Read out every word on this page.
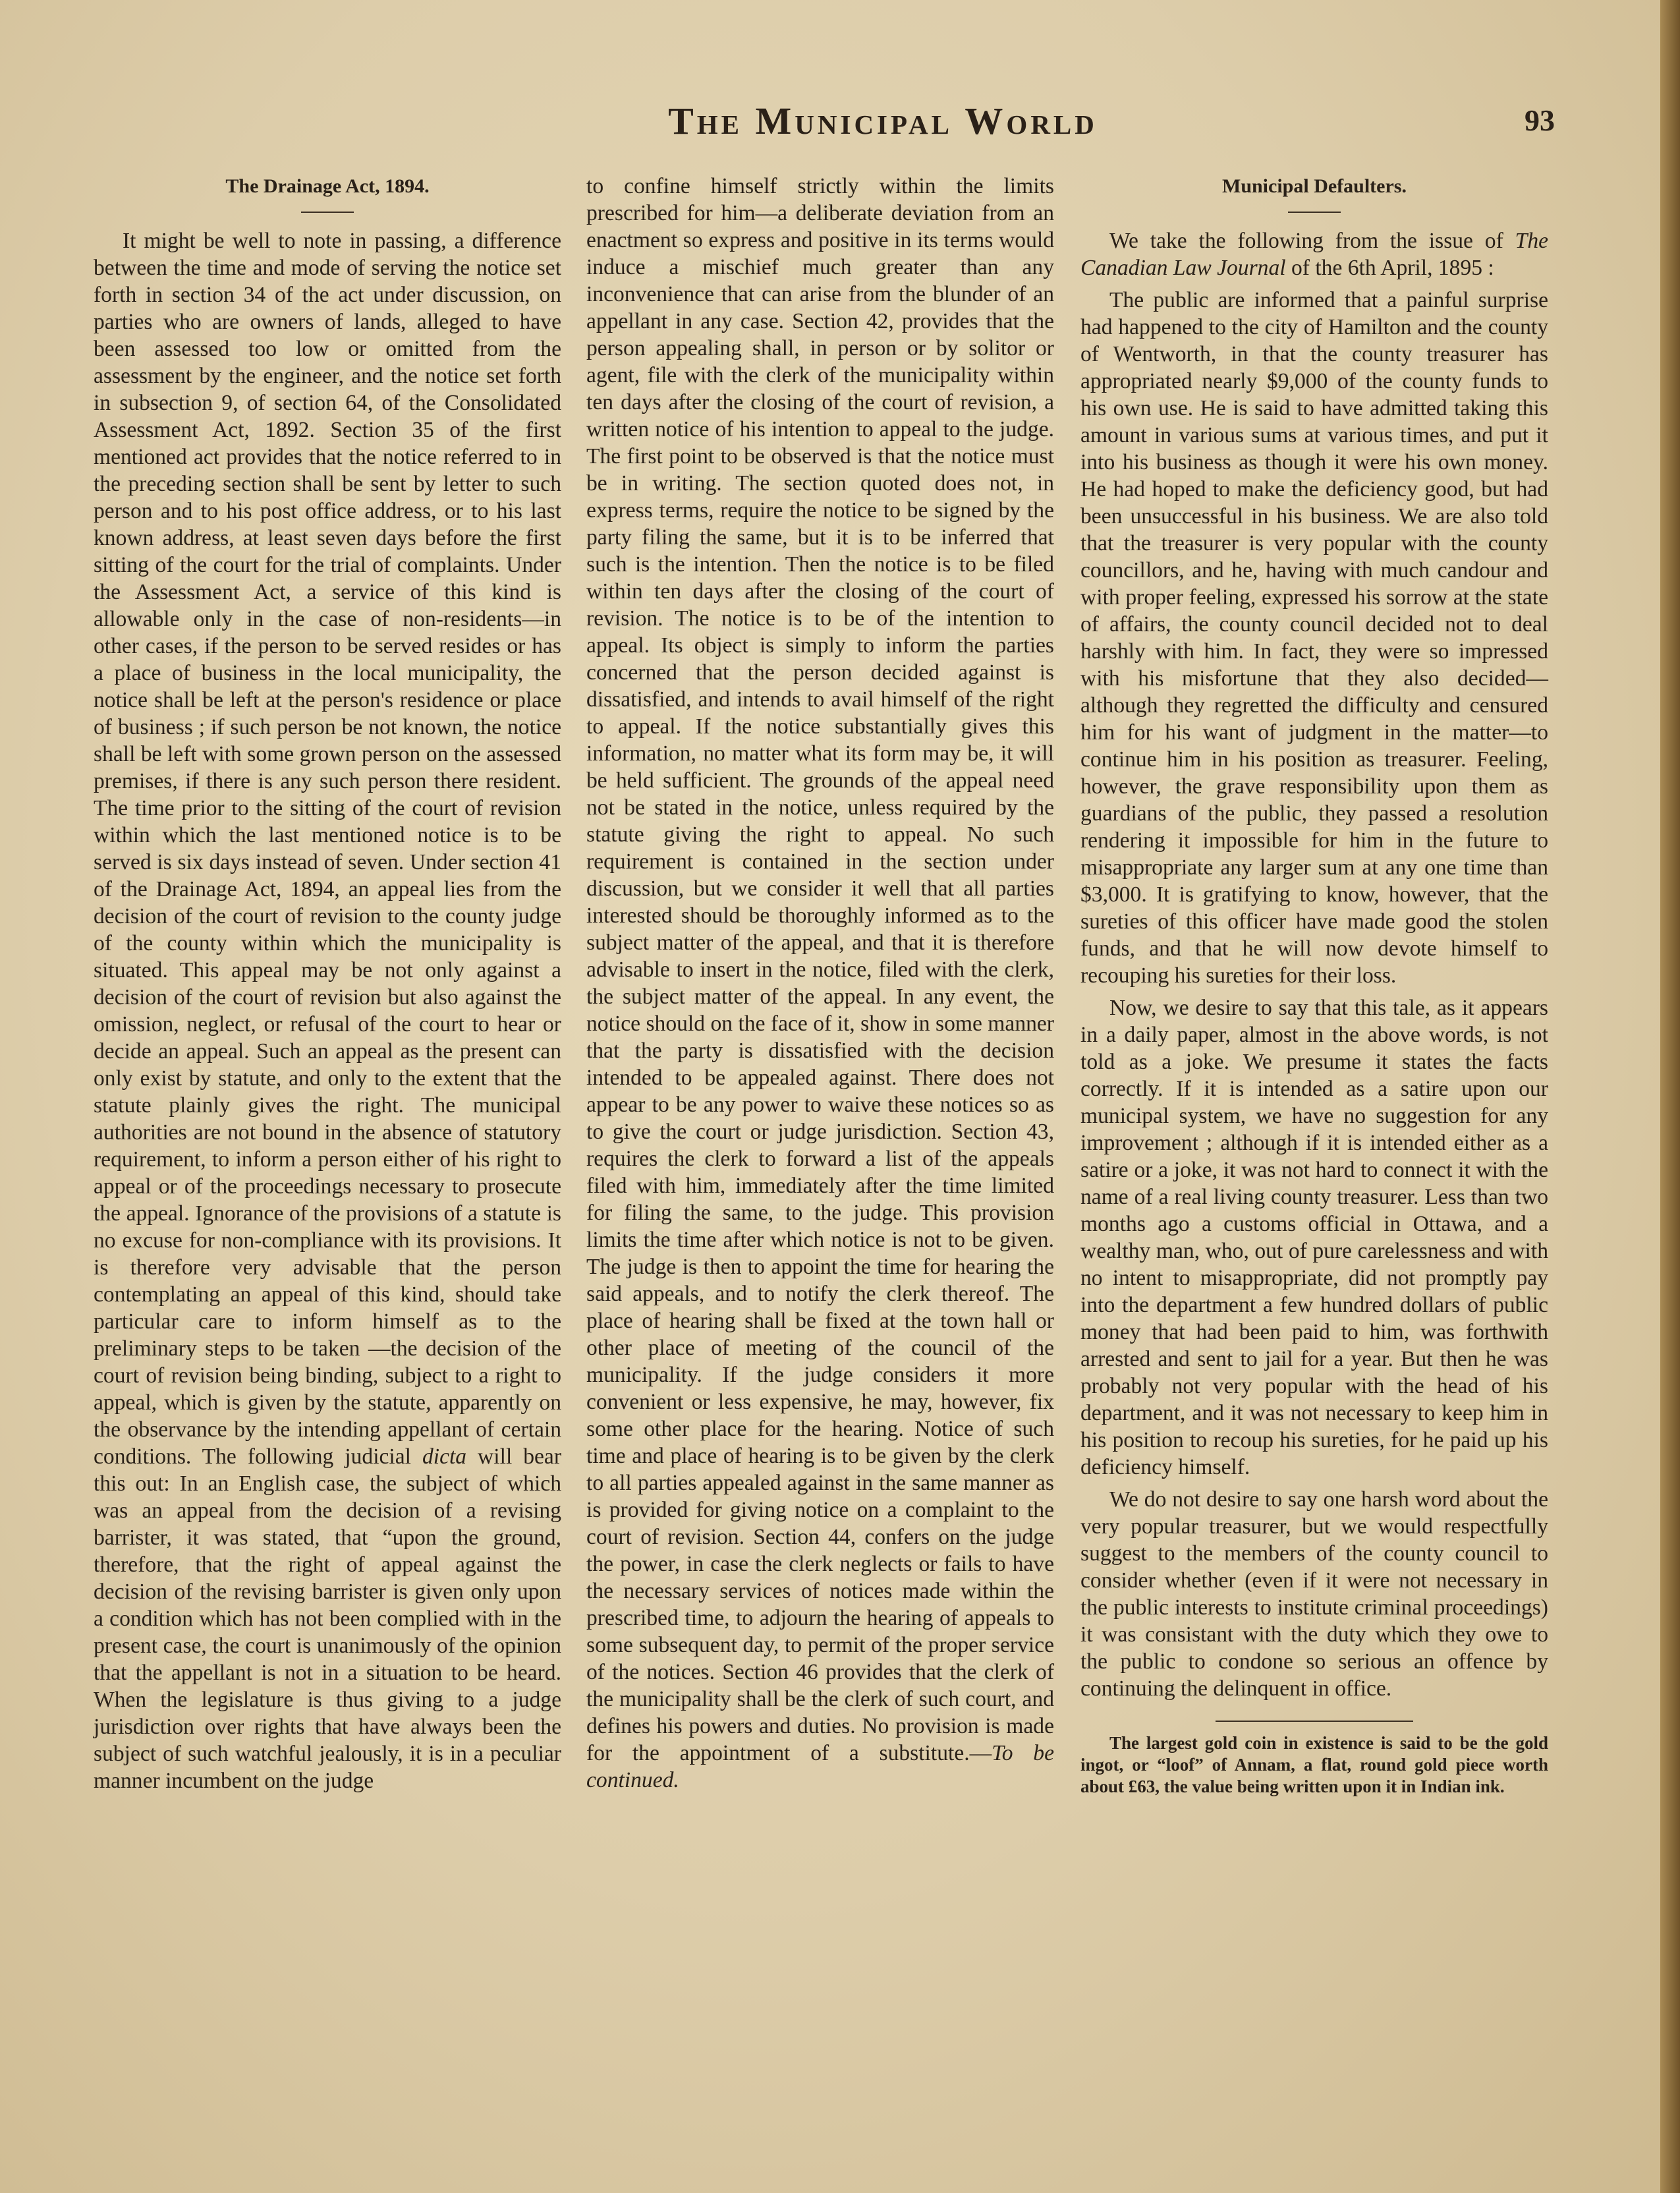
The Municipal World	93
The Drainage Act, 1894.

It might be well to note in passing, a difference between the time and mode of serving the notice set forth in section 34 of the act under discussion, on parties who are owners of lands, alleged to have been assessed too low or omitted from the assessment by the engineer, and the notice set forth in subsection 9, of section 64, of the Consolidated Assessment Act, 1892. Section 35 of the first mentioned act provides that the notice referred to in the preceding section shall be sent by letter to such person and to his post office address, or to his last known address, at least seven days before the first sitting of the court for the trial of complaints. Under the Assessment Act, a service of this kind is allowable only in the case of non-residents—in other cases, if the person to be served resides or has a place of business in the local municipality, the notice shall be left at the person's residence or place of business ; if such person be not known, the notice shall be left with some grown person on the assessed premises, if there is any such person there resident. The time prior to the sitting of the court of revision within which the last mentioned notice is to be served is six days instead of seven. Under section 41 of the Drainage Act, 1894, an appeal lies from the decision of the court of revision to the county judge of the county within which the municipality is situated. This appeal may be not only against a decision of the court of revision but also against the omission, neglect, or refusal of the court to hear or decide an appeal. Such an appeal as the present can only exist by statute, and only to the extent that the statute plainly gives the right. The municipal authorities are not bound in the absence of statutory requirement, to inform a person either of his right to appeal or of the proceedings necessary to prosecute the appeal. Ignorance of the provisions of a statute is no excuse for non-compliance with its provisions. It is therefore very advisable that the person contemplating an appeal of this kind, should take particular care to inform himself as to the preliminary steps to be taken —the decision of the court of revision being binding, subject to a right to appeal, which is given by the statute, apparently on the observance by the intending appellant of certain conditions. The following judicial dicta will bear this out: In an English case, the subject of which was an appeal from the decision of a revising barrister, it was stated, that “upon the ground, therefore, that the right of appeal against the decision of the revising barrister is given only upon a condition which has not been complied with in the present case, the court is unanimously of the opinion that the appellant is not in a situation to be heard. When the legislature is thus giving to a judge jurisdiction over rights that have always been the subject of such watchful jealously, it is in a peculiar manner incumbent on the judge

to confine himself strictly within the limits prescribed for him—a deliberate deviation from an enactment so express and positive in its terms would induce a mischief much greater than any inconvenience that can arise from the blunder of an appellant in any case. Section 42, provides that the person appealing shall, in person or by solitor or agent, file with the clerk of the municipality within ten days after the closing of the court of revision, a written notice of his intention to appeal to the judge. The first point to be observed is that the notice must be in writing. The section quoted does not, in express terms, require the notice to be signed by the party filing the same, but it is to be inferred that such is the intention. Then the notice is to be filed within ten days after the closing of the court of revision. The notice is to be of the intention to appeal. Its object is simply to inform the parties concerned that the person decided against is dissatisfied, and intends to avail himself of the right to appeal. If the notice substantially gives this information, no matter what its form may be, it will be held sufficient. The grounds of the appeal need not be stated in the notice, unless required by the statute giving the right to appeal. No such requirement is contained in the section under discussion, but we consider it well that all parties interested should be thoroughly informed as to the subject matter of the appeal, and that it is therefore advisable to insert in the notice, filed with the clerk, the subject matter of the appeal. In any event, the notice should on the face of it, show in some manner that the party is dissatisfied with the decision intended to be appealed against. There does not appear to be any power to waive these notices so as to give the court or judge jurisdiction. Section 43, requires the clerk to forward a list of the appeals filed with him, immediately after the time limited for filing the same, to the judge. This provision limits the time after which notice is not to be given. The judge is then to appoint the time for hearing the said appeals, and to notify the clerk thereof. The place of hearing shall be fixed at the town hall or other place of meeting of the council of the municipality. If the judge considers it more convenient or less expensive, he may, however, fix some other place for the hearing. Notice of such time and place of hearing is to be given by the clerk to all parties appealed against in the same manner as is provided for giving notice on a complaint to the court of revision. Section 44, confers on the judge the power, in case the clerk neglects or fails to have the necessary services of notices made within the prescribed time, to adjourn the hearing of appeals to some subsequent day, to permit of the proper service of the notices. Section 46 provides that the clerk of the municipality shall be the clerk of such court, and defines his powers and duties. No provision is made for the appointment of a substitute.—To be continued.

Municipal Defaulters.

We take the following from the issue of The Canadian Law Journal of the 6th April, 1895 :

The public are informed that a painful surprise had happened to the city of Hamilton and the county of Wentworth, in that the county treasurer has appropriated nearly $9,000 of the county funds to his own use. He is said to have admitted taking this amount in various sums at various times, and put it into his business as though it were his own money. He had hoped to make the deficiency good, but had been unsuccessful in his business. We are also told that the treasurer is very popular with the county councillors, and he, having with much candour and with proper feeling, expressed his sorrow at the state of affairs, the county council decided not to deal harshly with him. In fact, they were so impressed with his misfortune that they also decided—although they regretted the difficulty and censured him for his want of judgment in the matter—to continue him in his position as treasurer. Feeling, however, the grave responsibility upon them as guardians of the public, they passed a resolution rendering it impossible for him in the future to misappropriate any larger sum at any one time than $3,000. It is gratifying to know, however, that the sureties of this officer have made good the stolen funds, and that he will now devote himself to recouping his sureties for their loss.

Now, we desire to say that this tale, as it appears in a daily paper, almost in the above words, is not told as a joke. We presume it states the facts correctly. If it is intended as a satire upon our municipal system, we have no suggestion for any improvement ; although if it is intended either as a satire or a joke, it was not hard to connect it with the name of a real living county treasurer. Less than two months ago a customs official in Ottawa, and a wealthy man, who, out of pure carelessness and with no intent to misappropriate, did not promptly pay into the department a few hundred dollars of public money that had been paid to him, was forthwith arrested and sent to jail for a year. But then he was probably not very popular with the head of his department, and it was not necessary to keep him in his position to recoup his sureties, for he paid up his deficiency himself.

We do not desire to say one harsh word about the very popular treasurer, but we would respectfully suggest to the members of the county council to consider whether (even if it were not necessary in the public interests to institute criminal proceedings) it was consistant with the duty which they owe to the public to condone so serious an offence by continuing the delinquent in office.

The largest gold coin in existence is said to be the gold ingot, or “loof” of Annam, a flat, round gold piece worth about £63, the value being written upon it in Indian ink.
